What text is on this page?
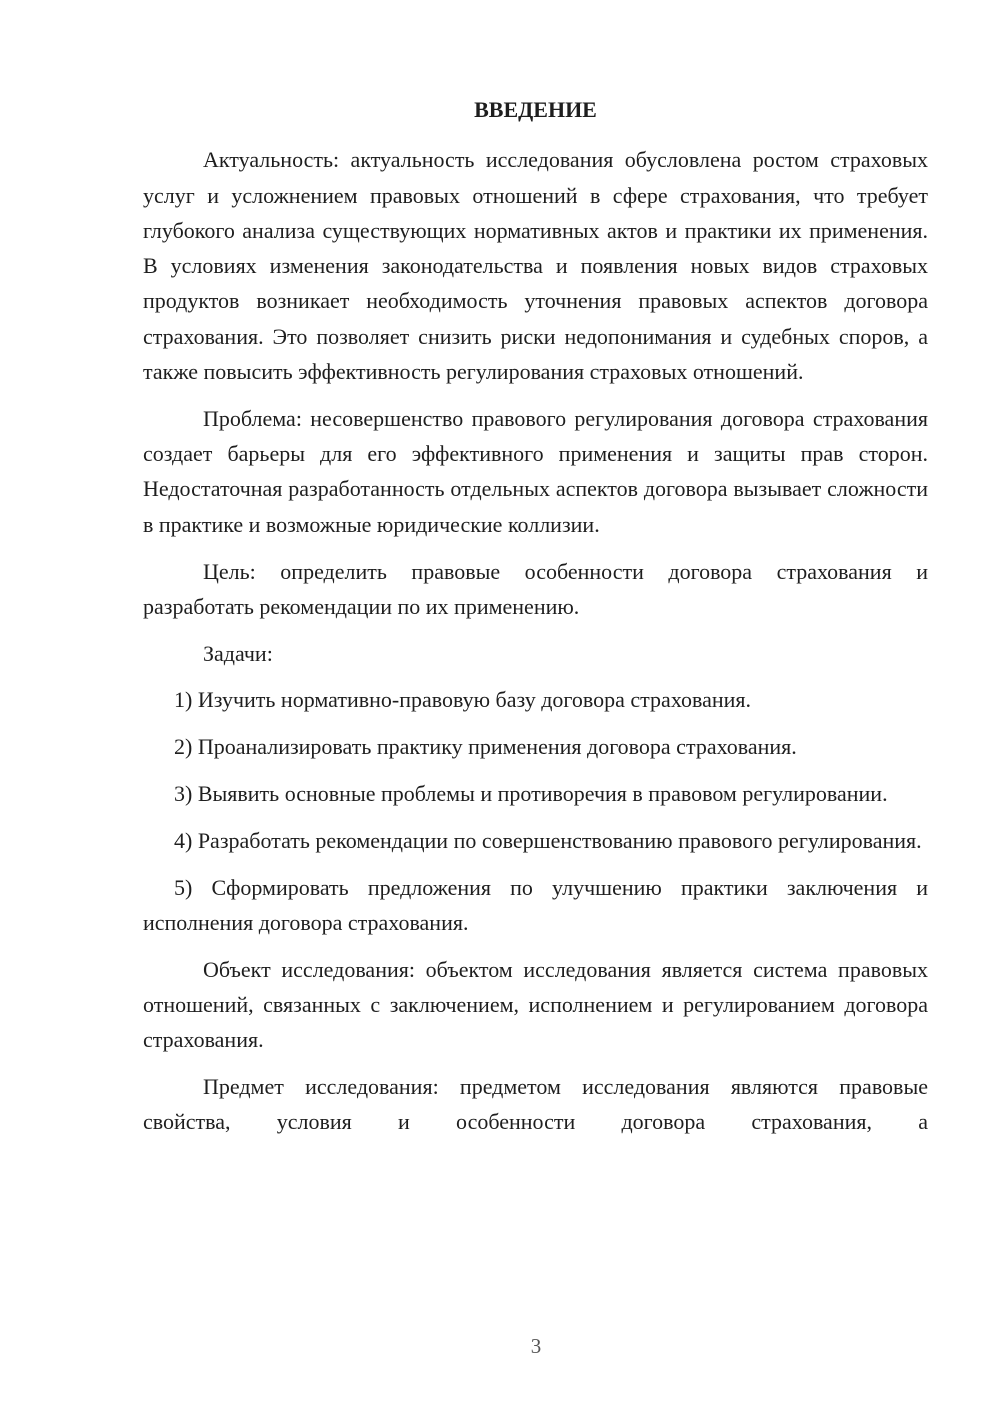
ВВЕДЕНИЕ

Актуальность: актуальность исследования обусловлена ростом страховых услуг и усложнением правовых отношений в сфере страхования, что требует глубокого анализа существующих нормативных актов и практики их применения. В условиях изменения законодательства и появления новых видов страховых продуктов возникает необходимость уточнения правовых аспектов договора страхования. Это позволяет снизить риски недопонимания и судебных споров, а также повысить эффективность регулирования страховых отношений.

Проблема: несовершенство правового регулирования договора страхования создает барьеры для его эффективного применения и защиты прав сторон. Недостаточная разработанность отдельных аспектов договора вызывает сложности в практике и возможные юридические коллизии.

Цель: определить правовые особенности договора страхования и разработать рекомендации по их применению.

Задачи:

1) Изучить нормативно-правовую базу договора страхования.

2) Проанализировать практику применения договора страхования.

3) Выявить основные проблемы и противоречия в правовом регулировании.

4) Разработать рекомендации по совершенствованию правового регулирования.

5) Сформировать предложения по улучшению практики заключения и исполнения договора страхования.

Объект исследования: объектом исследования является система правовых отношений, связанных с заключением, исполнением и регулированием договора страхования.

Предмет исследования: предметом исследования являются правовые свойства, условия и особенности договора страхования, а

3
